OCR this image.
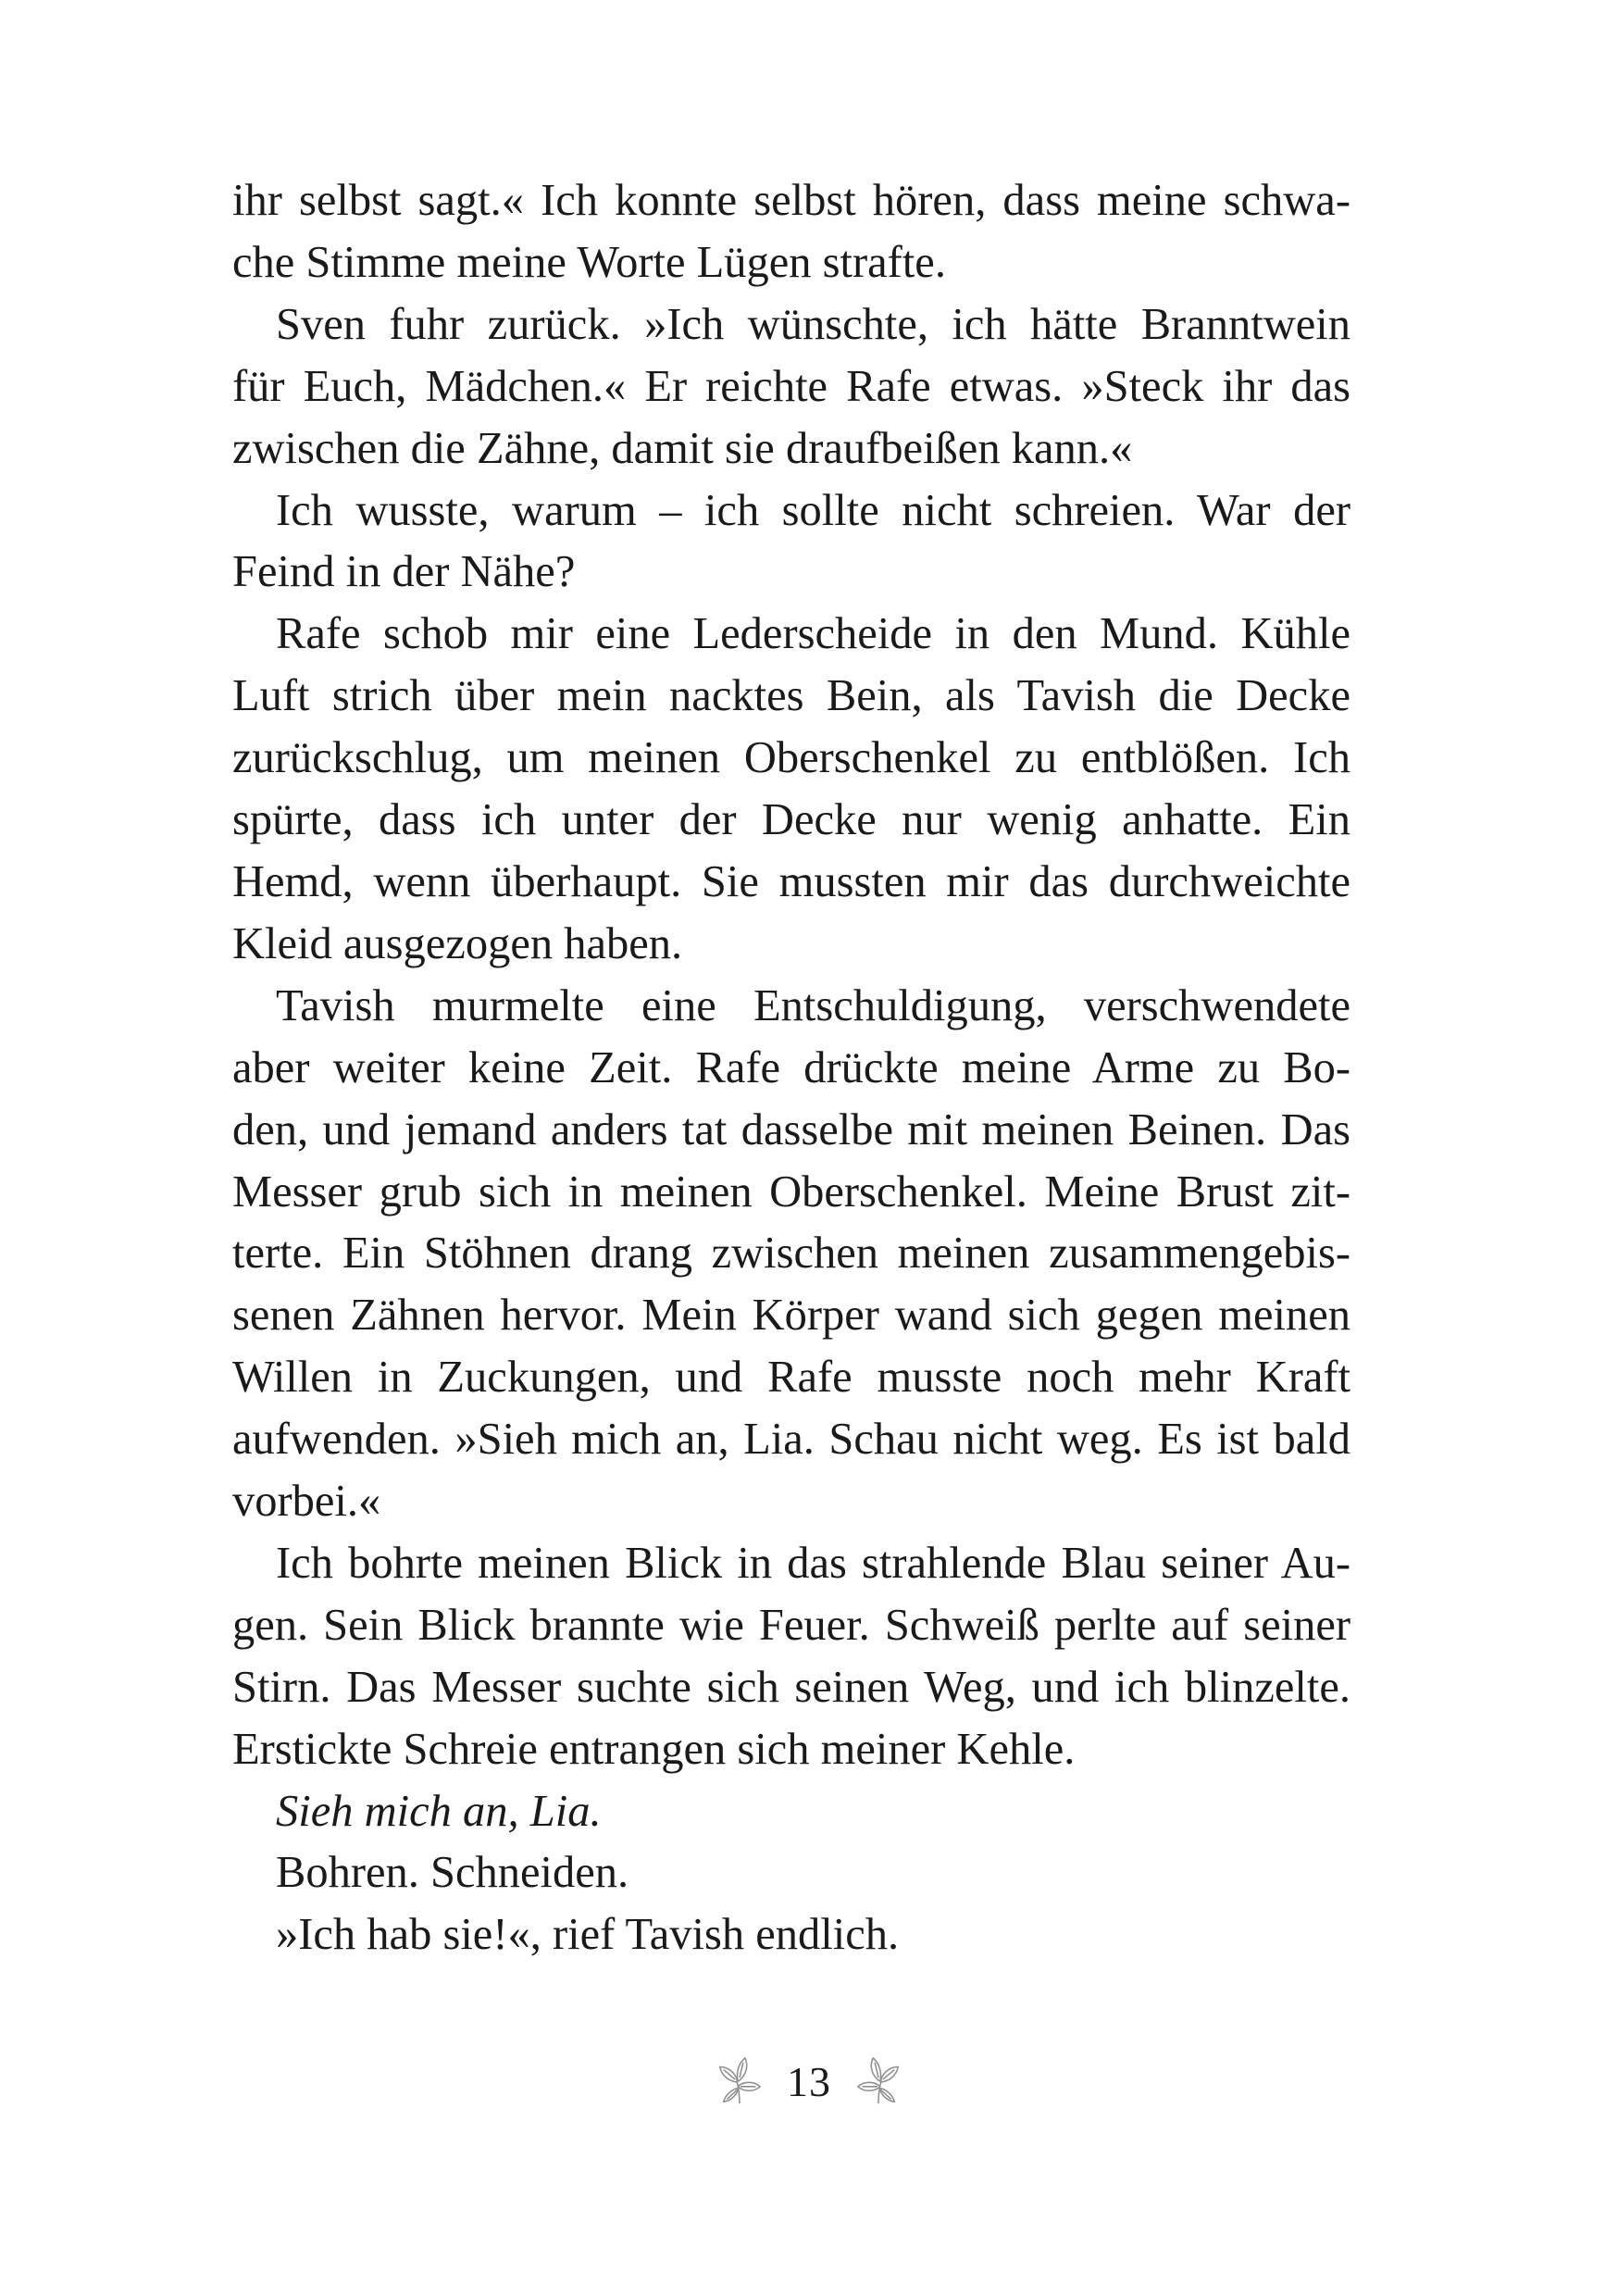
ihr selbst sagt.« Ich konnte selbst hören, dass meine schwa-
che Stimme meine Worte Lügen strafte.

Sven fuhr zurück. »Ich wünschte, ich hätte Branntwein
für Euch, Mädchen.« Er reichte Rafe etwas. »Steck ihr das
zwischen die Zähne, damit sie draufbeißen kann.«

Ich wusste, warum – ich sollte nicht schreien. War der
Feind in der Nähe?

Rafe schob mir eine Lederscheide in den Mund. Kühle
Luft strich über mein nacktes Bein, als Tavish die Decke
zurückschlug, um meinen Oberschenkel zu entblößen. Ich
spürte, dass ich unter der Decke nur wenig anhatte. Ein
Hemd, wenn überhaupt. Sie mussten mir das durchweichte
Kleid ausgezogen haben.

Tavish murmelte eine Entschuldigung, verschwendete
aber weiter keine Zeit. Rafe drückte meine Arme zu Bo-
den, und jemand anders tat dasselbe mit meinen Beinen. Das
Messer grub sich in meinen Oberschenkel. Meine Brust zit-
terte. Ein Stöhnen drang zwischen meinen zusammengebis-
senen Zähnen hervor. Mein Körper wand sich gegen meinen
Willen in Zuckungen, und Rafe musste noch mehr Kraft
aufwenden. »Sieh mich an, Lia. Schau nicht weg. Es ist bald
vorbei.«

Ich bohrte meinen Blick in das strahlende Blau seiner Au-
gen. Sein Blick brannte wie Feuer. Schweiß perlte auf seiner
Stirn. Das Messer suchte sich seinen Weg, und ich blinzelte.
Erstickte Schreie entrangen sich meiner Kehle.

Sieh mich an, Lia.

Bohren. Schneiden.

»Ich hab sie!«, rief Tavish endlich.

13
